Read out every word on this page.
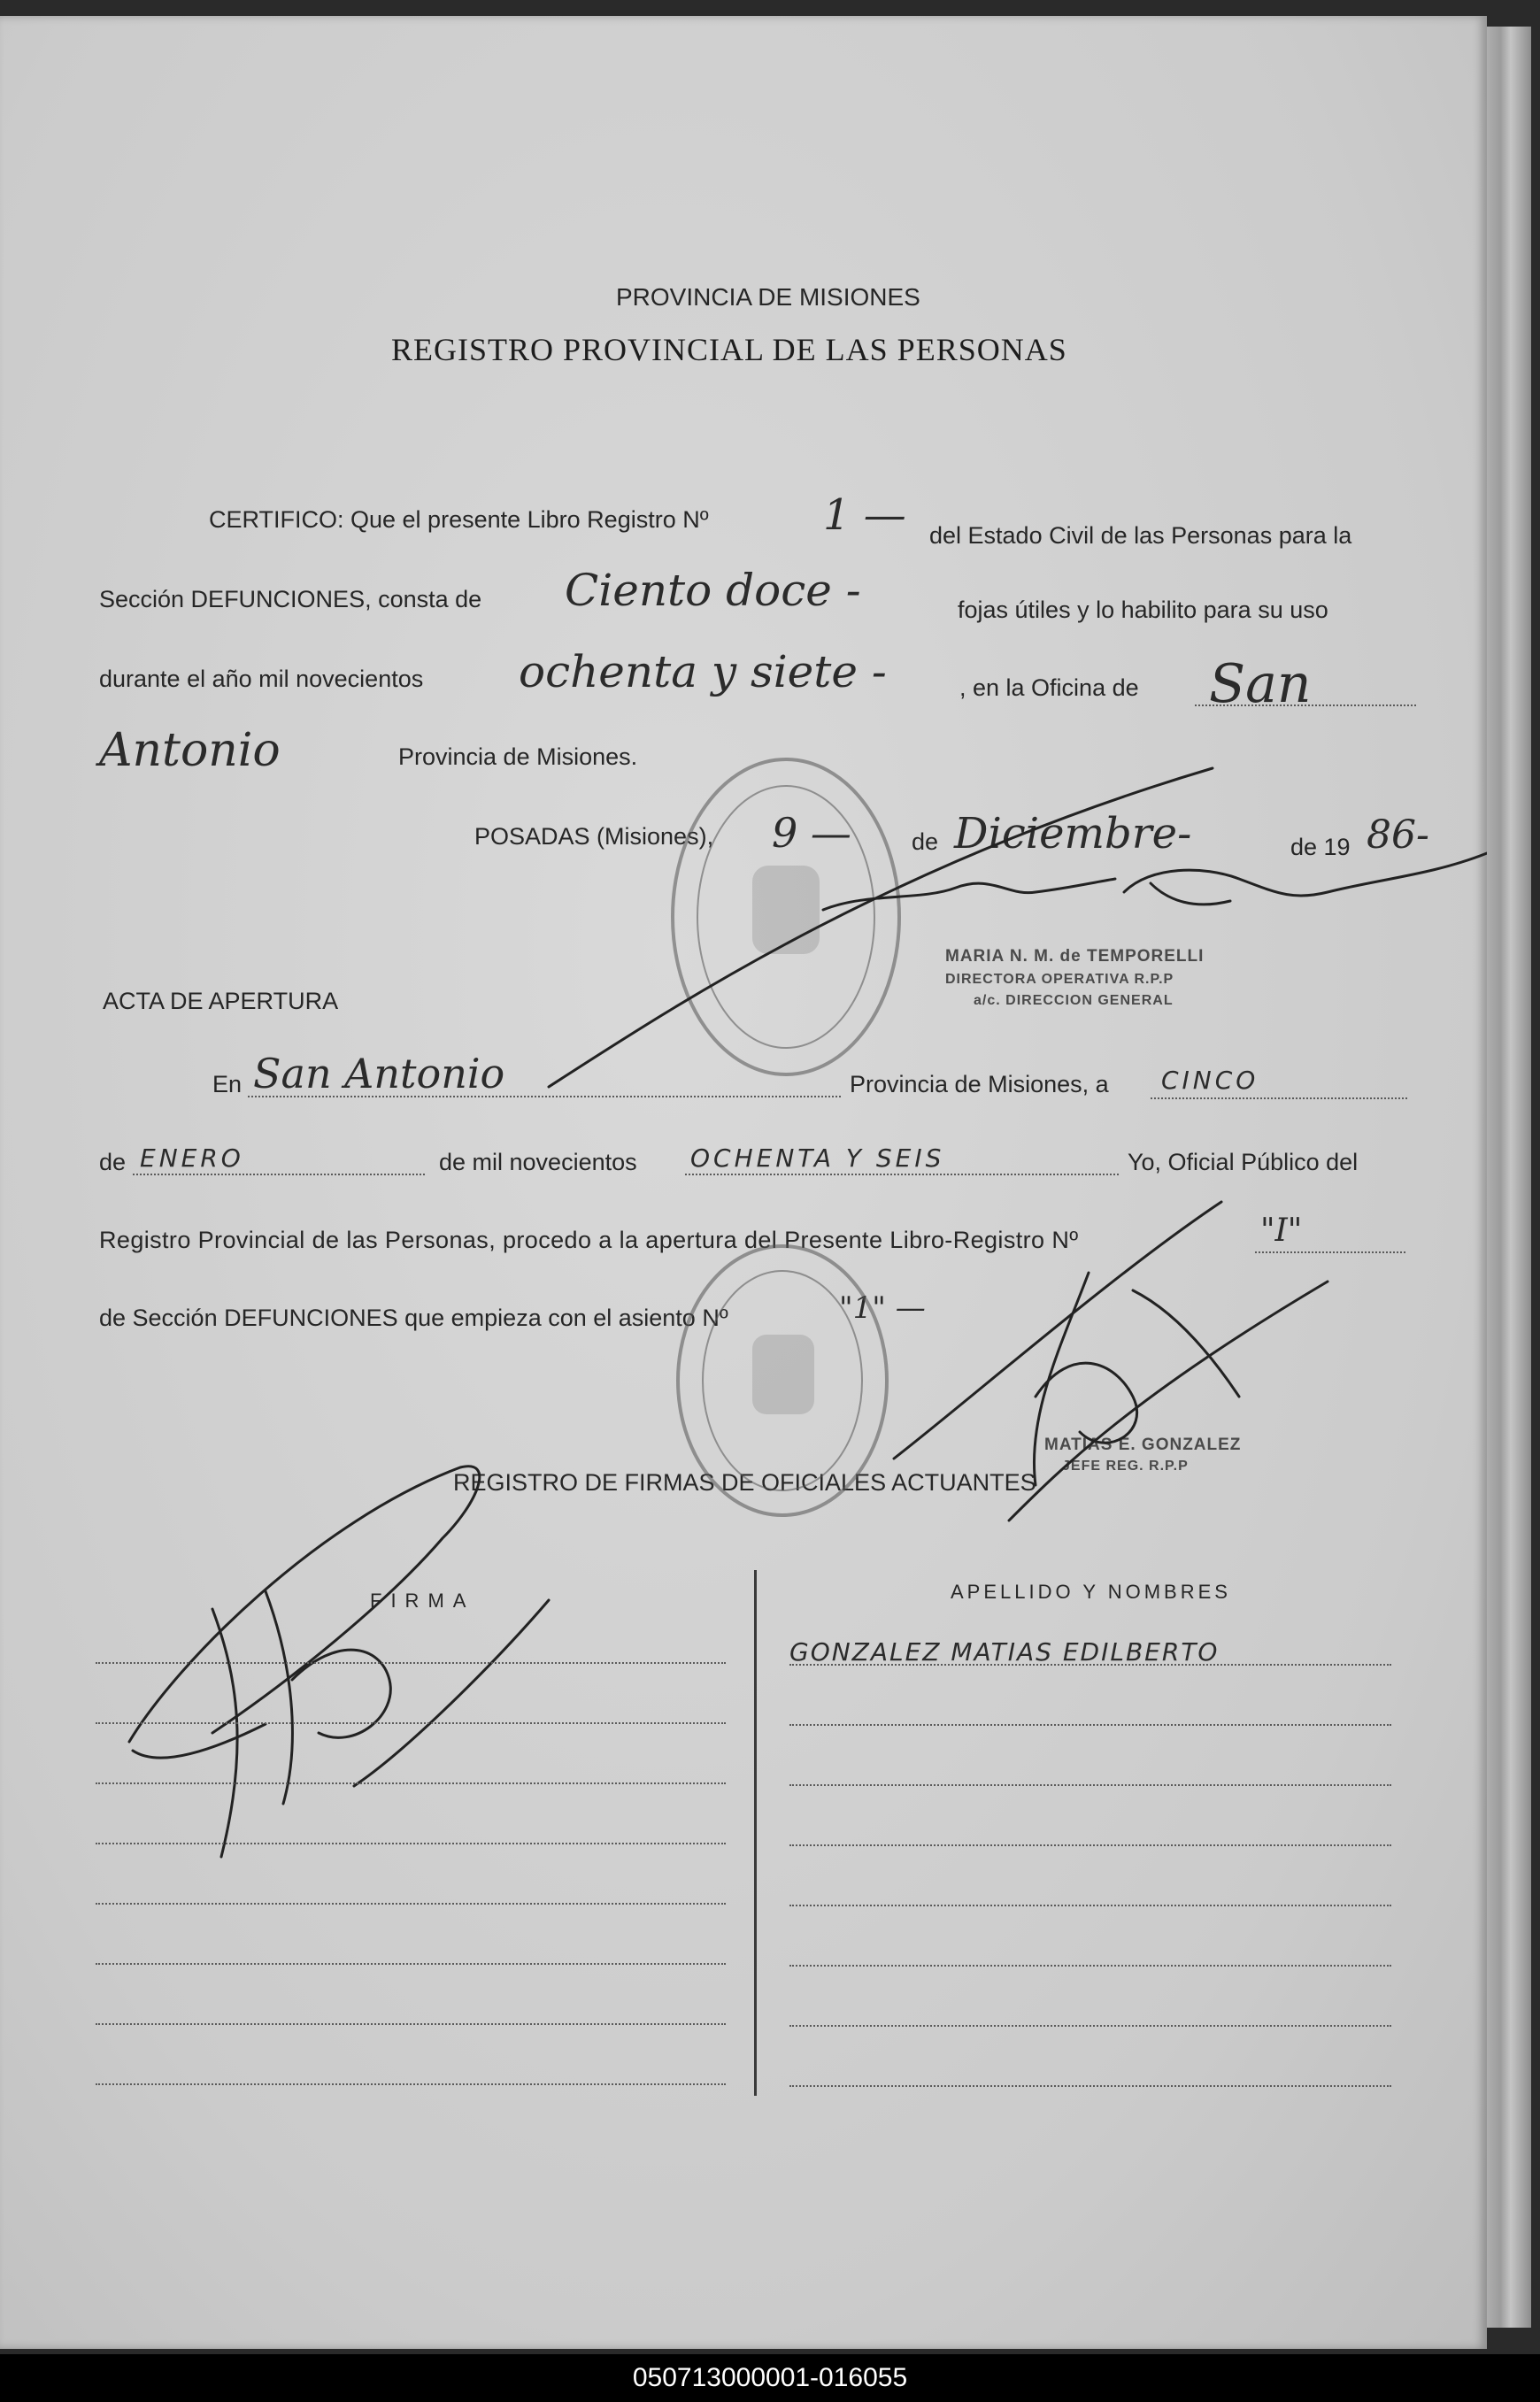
PROVINCIA DE MISIONES
REGISTRO PROVINCIAL DE LAS PERSONAS
CERTIFICO: Que el presente Libro Registro Nº	1 — del Estado Civil de las Personas para la
Sección DEFUNCIONES, consta de Ciento doce -	fojas útiles y lo habilito para su uso
durante el año mil novecientos ochenta y siete -	, en la Oficina de San
Antonio	Provincia de Misiones.
POSADAS (Misiones), 9 —	de Diciembre-	de 19 86-
MARIA N. M. de TEMPORELLI
DIRECTORA OPERATIVA R.P.P
a/c. DIRECCION GENERAL
ACTA DE APERTURA
En San Antonio	Provincia de Misiones, a CINCO
de ENERO	de mil novecientos OCHENTA Y SEIS	Yo, Oficial Público del
Registro Provincial de las Personas, procedo a la apertura del Presente Libro-Registro Nº	"I"
de Sección DEFUNCIONES que empieza con el asiento Nº	"1" —
MATIAS E. GONZALEZ
JEFE REG. R.P.P
REGISTRO DE FIRMAS DE OFICIALES ACTUANTES
FIRMA	APELLIDO Y NOMBRES
GONZALEZ MATIAS EDILBERTO
050713000001-016055
